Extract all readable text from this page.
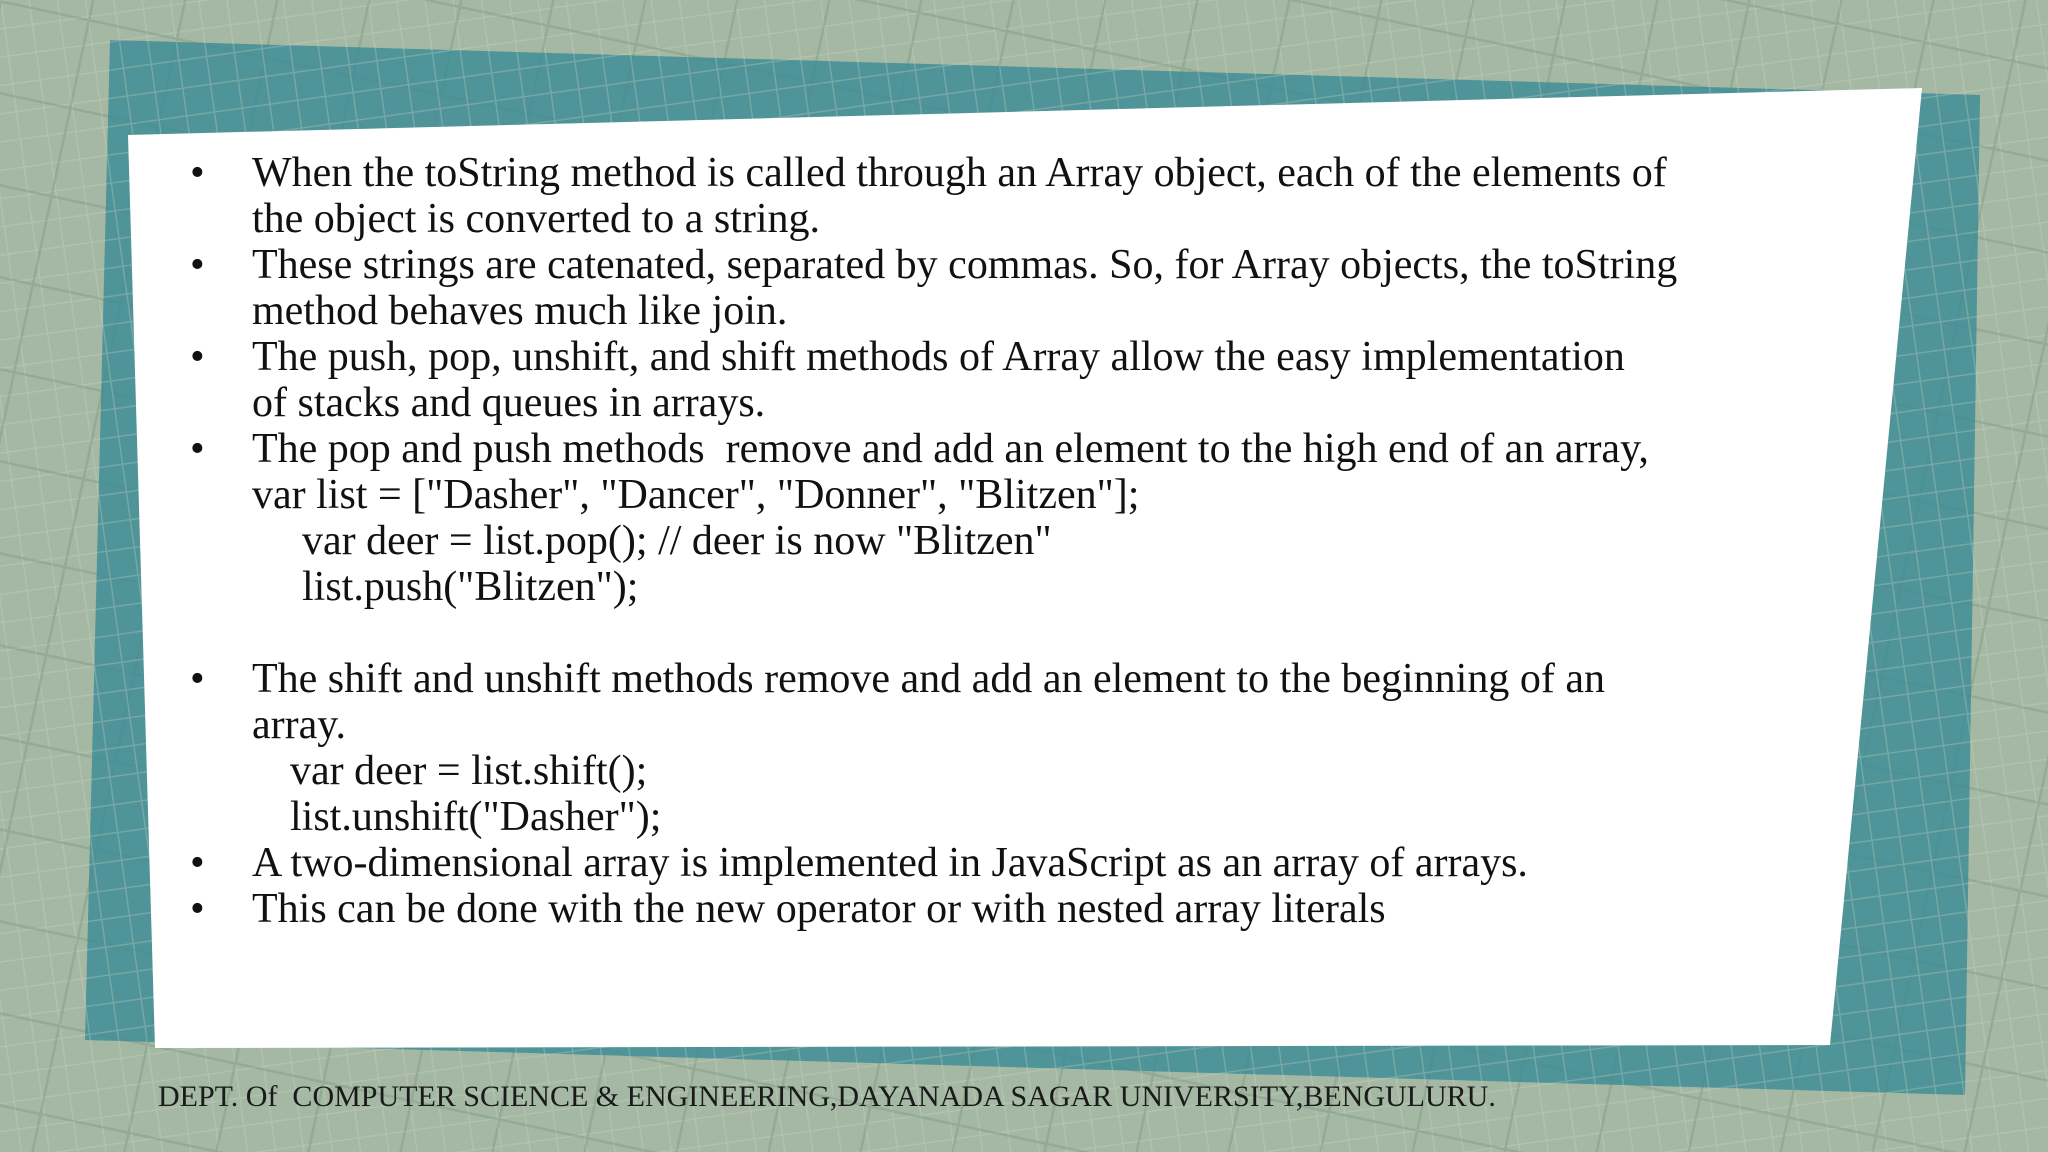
•	When the toString method is called through an Array object, each of the elements of
the object is converted to a string.
•	These strings are catenated, separated by commas. So, for Array objects, the toString
method behaves much like join.
•	The push, pop, unshift, and shift methods of Array allow the easy implementation
of stacks and queues in arrays.
•	The pop and push methods  remove and add an element to the high end of an array,
var list = ["Dasher", "Dancer", "Donner", "Blitzen"];
var deer = list.pop(); // deer is now "Blitzen"
list.push("Blitzen");
•	The shift and unshift methods remove and add an element to the beginning of an
array.
var deer = list.shift();
list.unshift("Dasher");
•	A two-dimensional array is implemented in JavaScript as an array of arrays.
•	This can be done with the new operator or with nested array literals
DEPT. Of  COMPUTER SCIENCE & ENGINEERING,DAYANADA SAGAR UNIVERSITY,BENGULURU.
